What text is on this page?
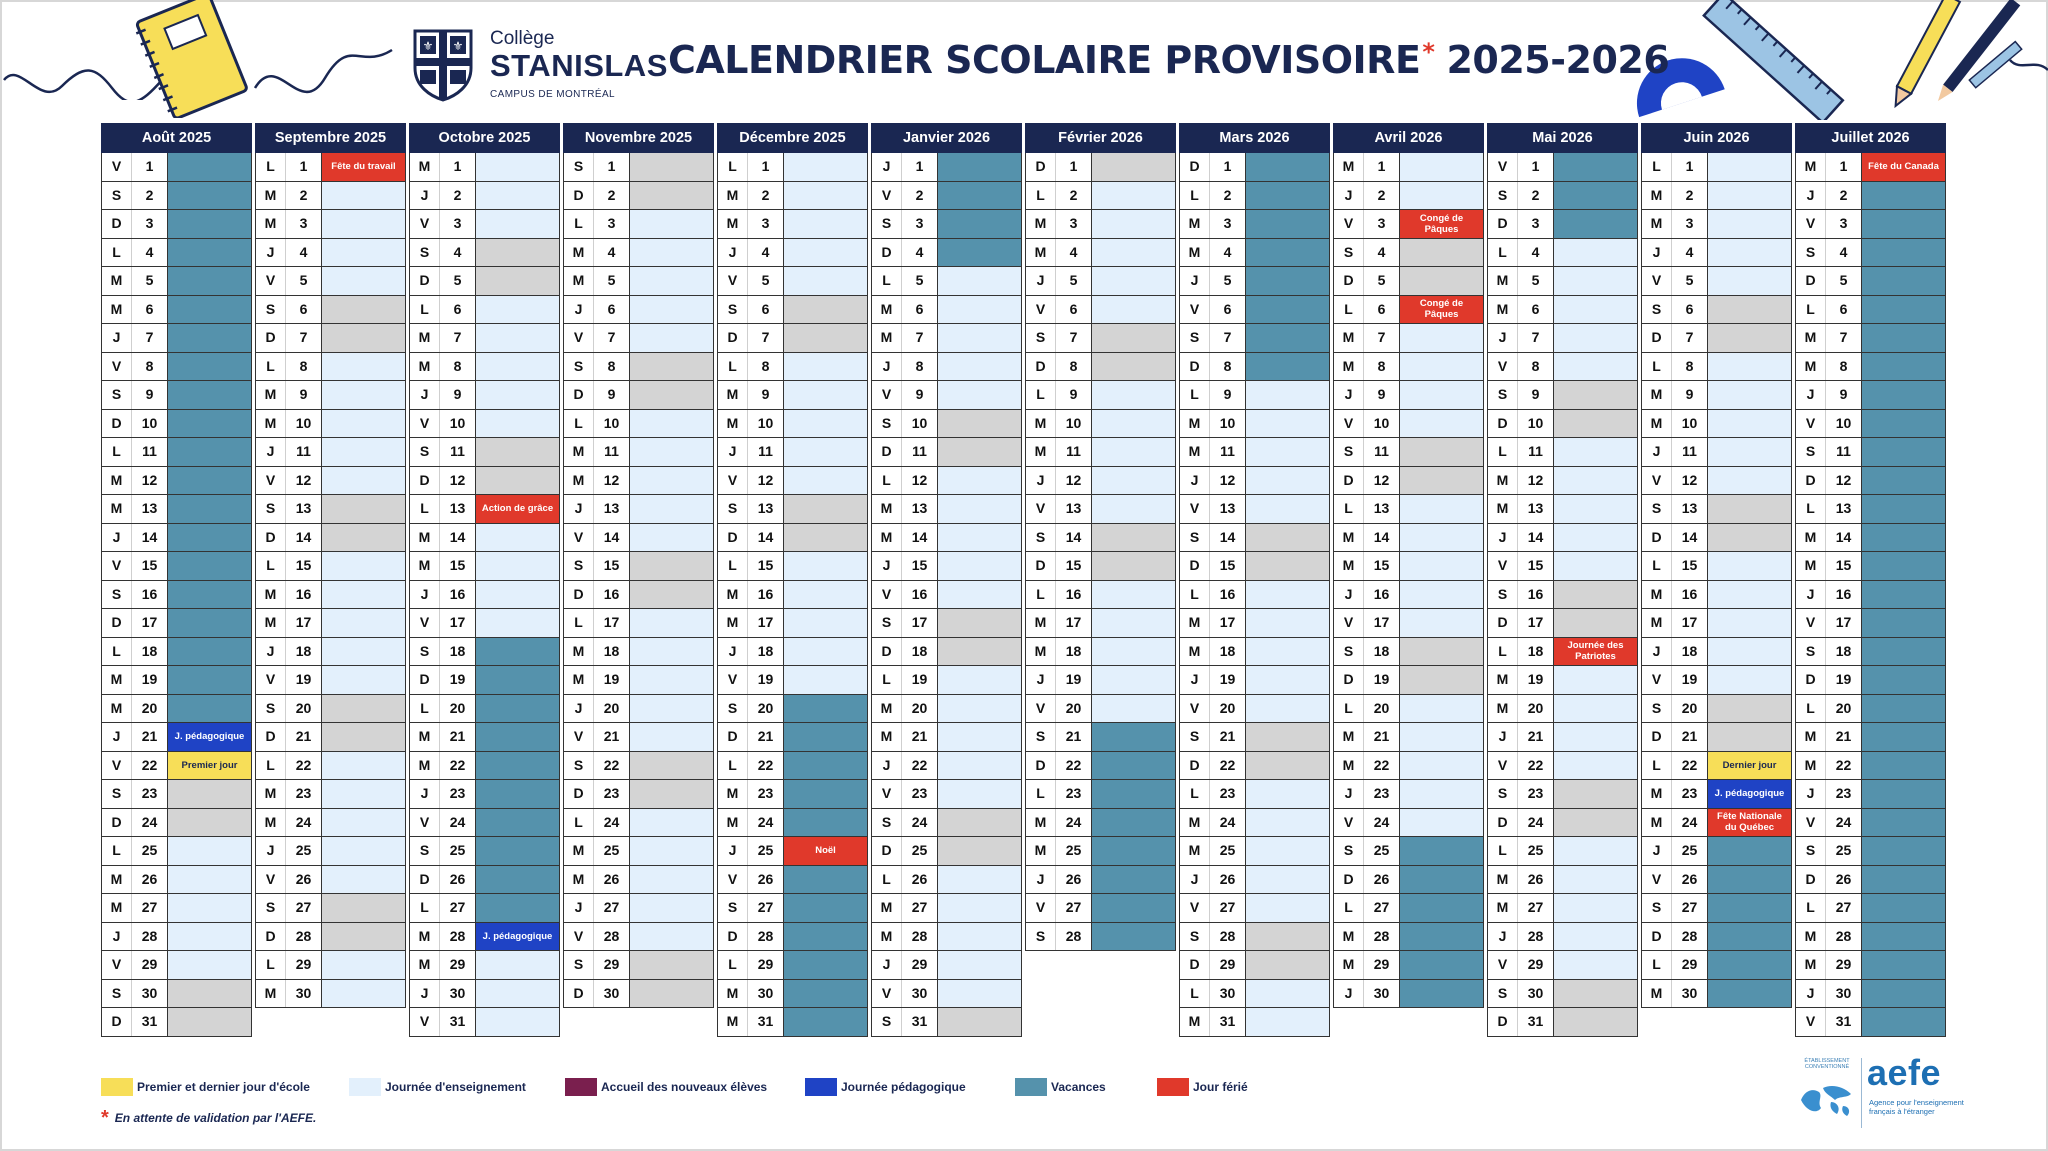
⚜ ⚜ Collège
STANISLAS
CAMPUS DE MONTRÉAL
CALENDRIER SCOLAIRE PROVISOIRE* 2025-2026
Août 2025
V	1
S	2
D	3
L	4
M	5
M	6
J	7
V	8
S	9
D	10
L	11
M	12
M	13
J	14
V	15
S	16
D	17
L	18
M	19
M	20
J	21	J. pédagogique
V	22	Premier jour
S	23
D	24
L	25
M	26
M	27
J	28
V	29
S	30
D	31
Septembre 2025
L	1	Fête du travail
M	2
M	3
J	4
V	5
S	6
D	7
L	8
M	9
M	10
J	11
V	12
S	13
D	14
L	15
M	16
M	17
J	18
V	19
S	20
D	21
L	22
M	23
M	24
J	25
V	26
S	27
D	28
L	29
M	30
Octobre 2025
M	1
J	2
V	3
S	4
D	5
L	6
M	7
M	8
J	9
V	10
S	11
D	12
L	13	Action de grâce
M	14
M	15
J	16
V	17
S	18
D	19
L	20
M	21
M	22
J	23
V	24
S	25
D	26
L	27
M	28	J. pédagogique
M	29
J	30
V	31
Novembre 2025
S	1
D	2
L	3
M	4
M	5
J	6
V	7
S	8
D	9
L	10
M	11
M	12
J	13
V	14
S	15
D	16
L	17
M	18
M	19
J	20
V	21
S	22
D	23
L	24
M	25
M	26
J	27
V	28
S	29
D	30
Décembre 2025
L	1
M	2
M	3
J	4
V	5
S	6
D	7
L	8
M	9
M	10
J	11
V	12
S	13
D	14
L	15
M	16
M	17
J	18
V	19
S	20
D	21
L	22
M	23
M	24
J	25	Noël
V	26
S	27
D	28
L	29
M	30
M	31
Janvier 2026
J	1
V	2
S	3
D	4
L	5
M	6
M	7
J	8
V	9
S	10
D	11
L	12
M	13
M	14
J	15
V	16
S	17
D	18
L	19
M	20
M	21
J	22
V	23
S	24
D	25
L	26
M	27
M	28
J	29
V	30
S	31
Février 2026
D	1
L	2
M	3
M	4
J	5
V	6
S	7
D	8
L	9
M	10
M	11
J	12
V	13
S	14
D	15
L	16
M	17
M	18
J	19
V	20
S	21
D	22
L	23
M	24
M	25
J	26
V	27
S	28
Mars 2026
D	1
L	2
M	3
M	4
J	5
V	6
S	7
D	8
L	9
M	10
M	11
J	12
V	13
S	14
D	15
L	16
M	17
M	18
J	19
V	20
S	21
D	22
L	23
M	24
M	25
J	26
V	27
S	28
D	29
L	30
M	31
Avril 2026
M	1
J	2
V	3	Congé de Pâques
S	4
D	5
L	6	Congé de Pâques
M	7
M	8
J	9
V	10
S	11
D	12
L	13
M	14
M	15
J	16
V	17
S	18
D	19
L	20
M	21
M	22
J	23
V	24
S	25
D	26
L	27
M	28
M	29
J	30
Mai 2026
V	1
S	2
D	3
L	4
M	5
M	6
J	7
V	8
S	9
D	10
L	11
M	12
M	13
J	14
V	15
S	16
D	17
L	18	Journée des Patriotes
M	19
M	20
J	21
V	22
S	23
D	24
L	25
M	26
M	27
J	28
V	29
S	30
D	31
Juin 2026
L	1
M	2
M	3
J	4
V	5
S	6
D	7
L	8
M	9
M	10
J	11
V	12
S	13
D	14
L	15
M	16
M	17
J	18
V	19
S	20
D	21
L	22	Dernier jour
M	23	J. pédagogique
M	24	Fête Nationale du Québec
J	25
V	26
S	27
D	28
L	29
M	30
Juillet 2026
M	1	Fête du Canada
J	2
V	3
S	4
D	5
L	6
M	7
M	8
J	9
V	10
S	11
D	12
L	13
M	14
M	15
J	16
V	17
S	18
D	19
L	20
M	21
M	22
J	23
V	24
S	25
D	26
L	27
M	28
M	29
J	30
V	31
Premier et dernier jour d'école	Journée d'enseignement	Accueil des nouveaux élèves	Journée pédagogique	Vacances	Jour férié
* En attente de validation par l'AEFE.
ÉTABLISSEMENT CONVENTIONNÉ aefe
Agence pour l'enseignement français à l'étranger
